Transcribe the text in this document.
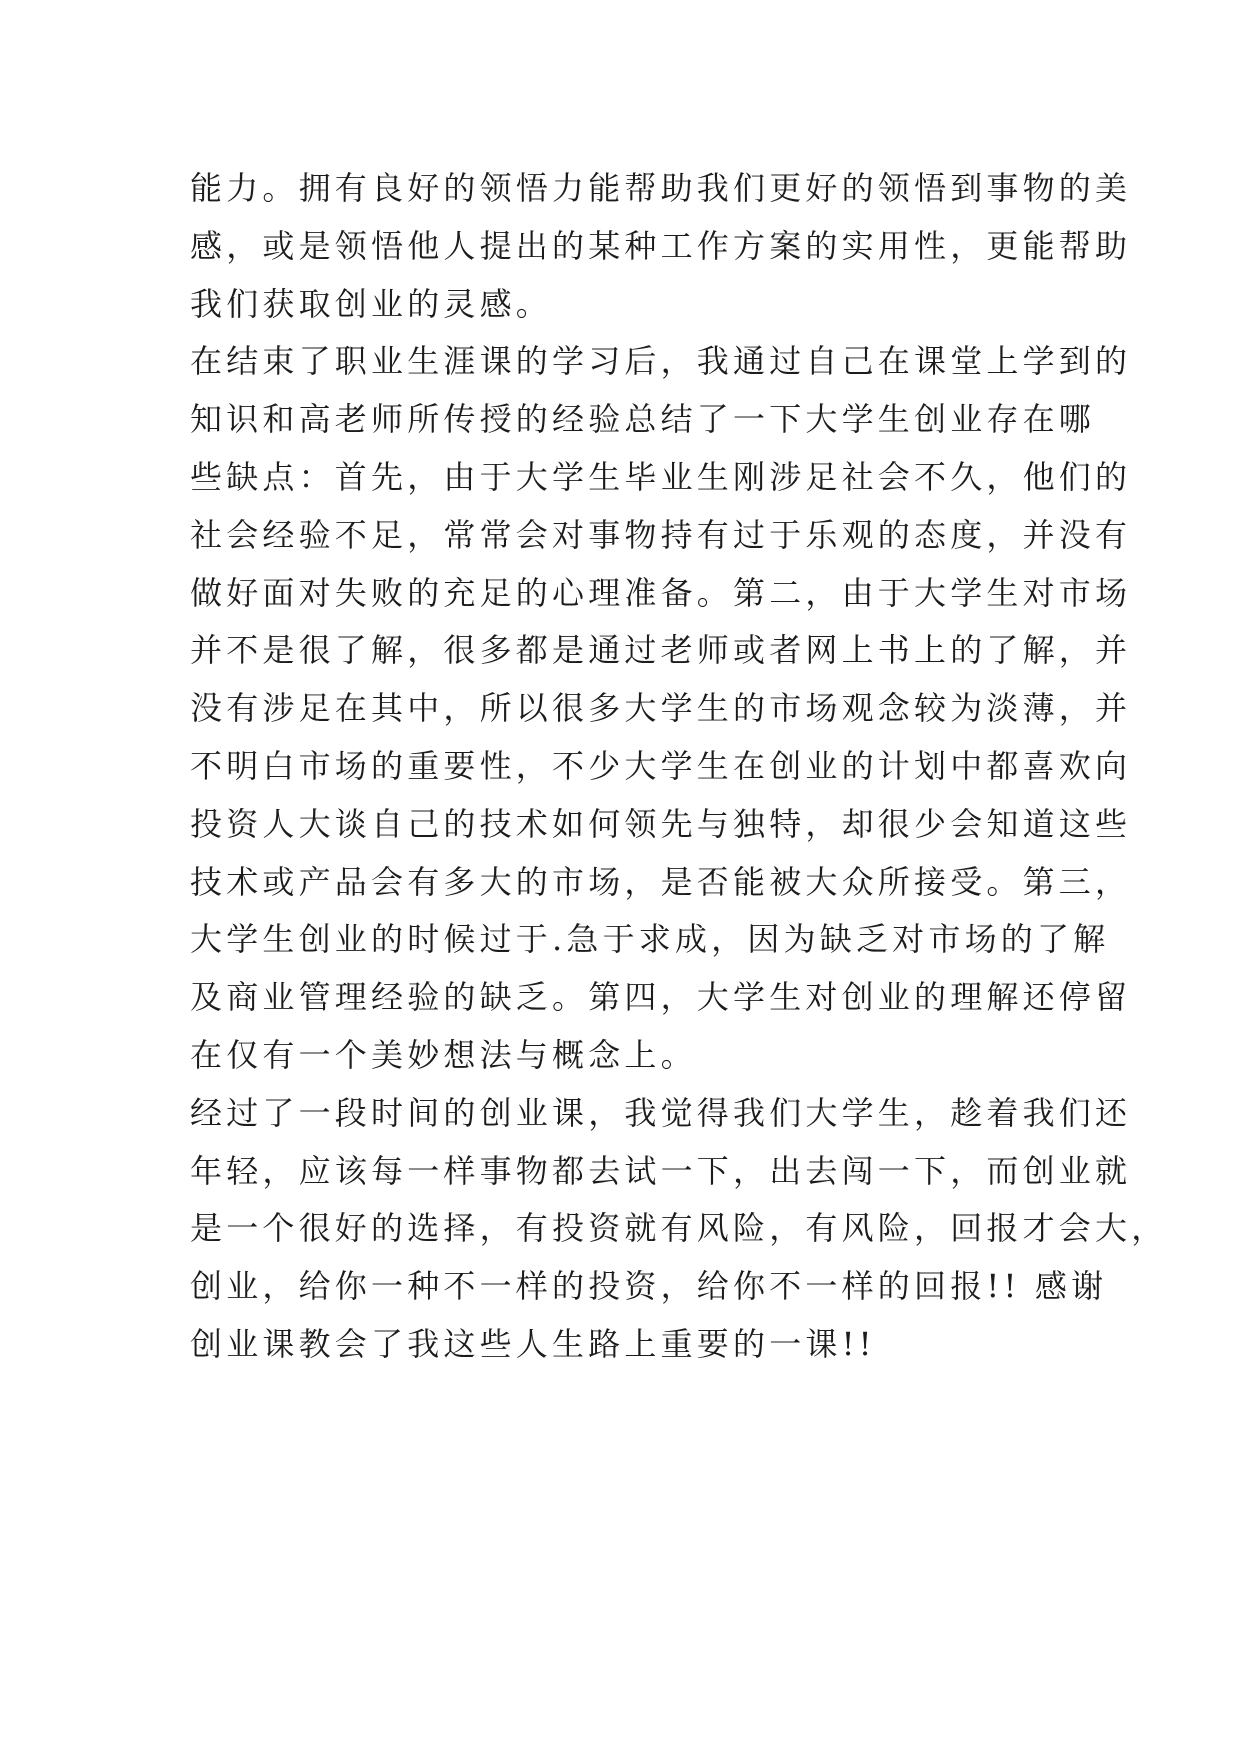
能力。拥有良好的领悟力能帮助我们更好的领悟到事物的美
感，或是领悟他人提出的某种工作方案的实用性，更能帮助
我们获取创业的灵感。
在结束了职业生涯课的学习后，我通过自己在课堂上学到的
知识和高老师所传授的经验总结了一下大学生创业存在哪
些缺点：首先，由于大学生毕业生刚涉足社会不久，他们的
社会经验不足，常常会对事物持有过于乐观的态度，并没有
做好面对失败的充足的心理准备。第二，由于大学生对市场
并不是很了解，很多都是通过老师或者网上书上的了解，并
没有涉足在其中，所以很多大学生的市场观念较为淡薄，并
不明白市场的重要性，不少大学生在创业的计划中都喜欢向
投资人大谈自己的技术如何领先与独特，却很少会知道这些
技术或产品会有多大的市场，是否能被大众所接受。第三，
大学生创业的时候过于.急于求成，因为缺乏对市场的了解
及商业管理经验的缺乏。第四，大学生对创业的理解还停留
在仅有一个美妙想法与概念上。
经过了一段时间的创业课，我觉得我们大学生，趁着我们还
年轻，应该每一样事物都去试一下，出去闯一下，而创业就
是一个很好的选择，有投资就有风险，有风险，回报才会大，
创业，给你一种不一样的投资，给你不一样的回报!! 感谢
创业课教会了我这些人生路上重要的一课!!
